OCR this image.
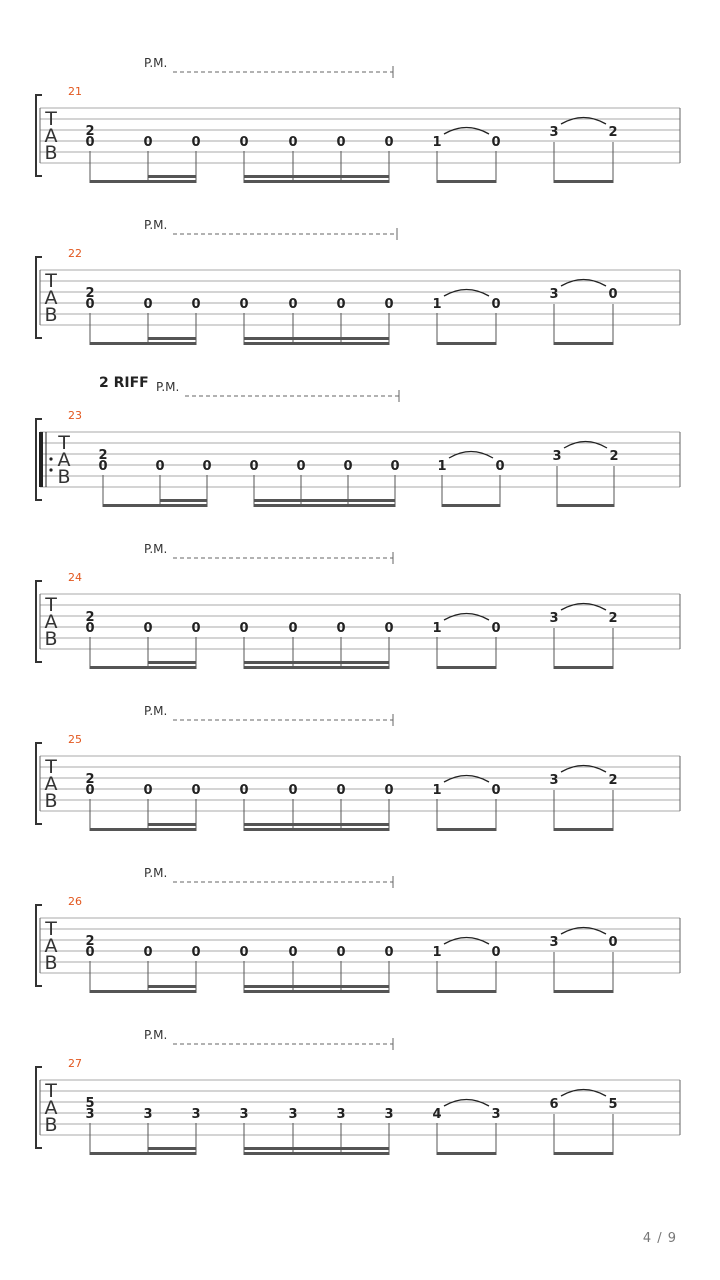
P.M.
21
T
A
B
2
0	0	0	0	0	0	0	1	0
3	2
P.M.
22
T
A
B
2
0	0	0	0	0	0	0	1	0
3	0
2 RIFF P.M.
23
T
A
B
2
0	0	0	0	0	0	0	1	0
3	2
P.M.
24
T
A
B
2
0	0	0	0	0	0	0	1	0
3	2
P.M.
25
T
A
B
2
0	0	0	0	0	0	0	1	0
3	2
P.M.
26
T
A
B
2
0	0	0	0	0	0	0	1	0
3	0
P.M.
27
T
A
B
5
3	3	3	3	3	3	3	4	3
6	5
4 / 9
